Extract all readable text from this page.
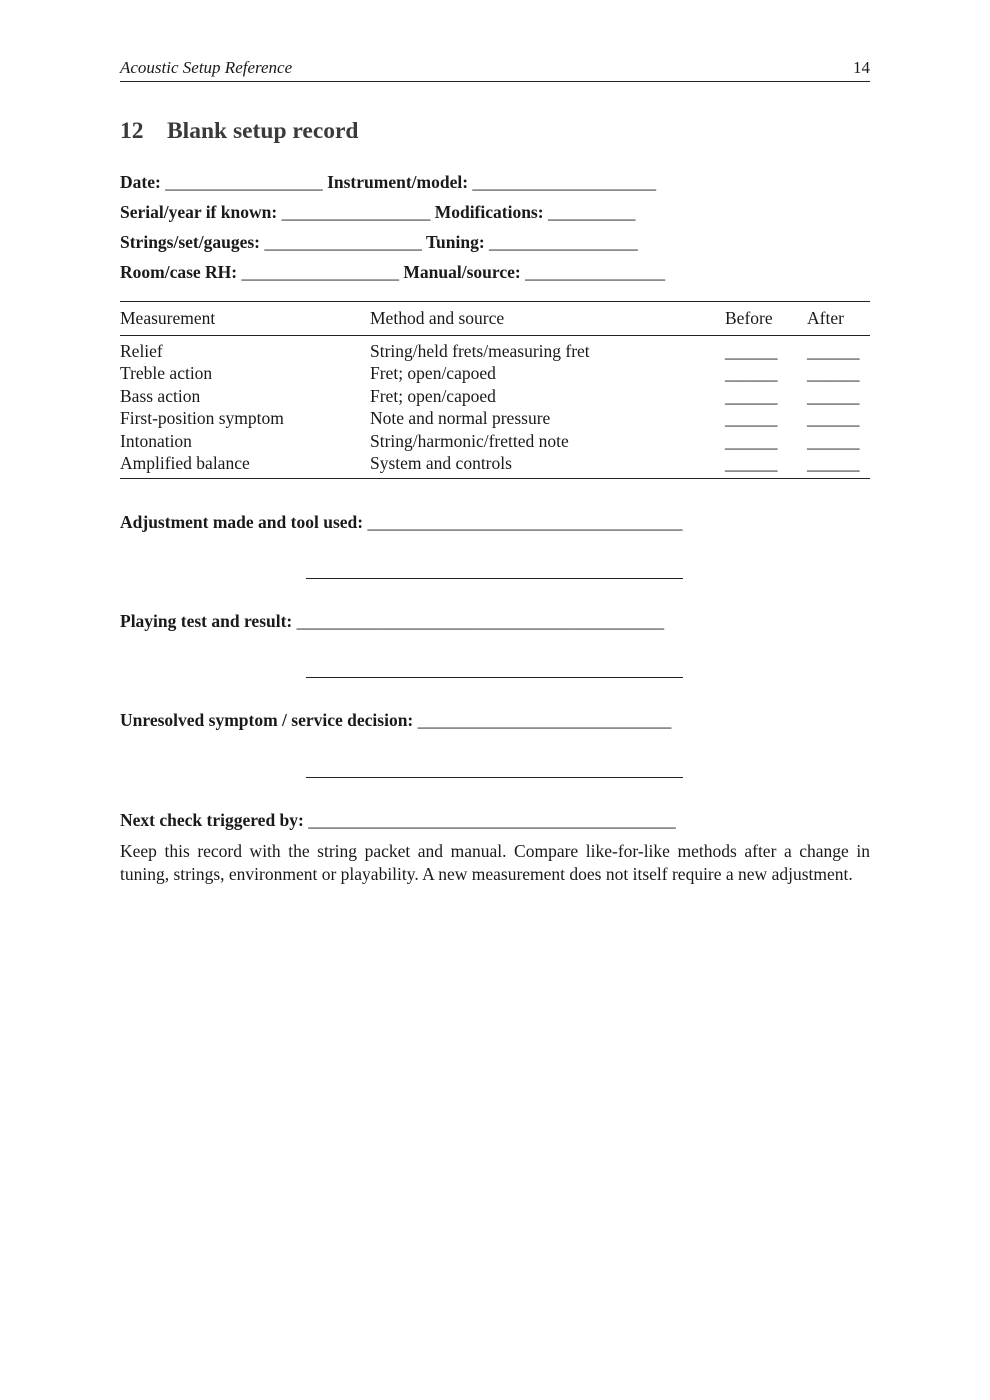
Acoustic Setup Reference	14
12 Blank setup record
Date: __________________ Instrument/model: _____________________
Serial/year if known: _________________ Modifications: __________
Strings/set/gauges: __________________ Tuning: _________________
Room/case RH: __________________ Manual/source: ________________
Measurement	Method and source	Before	After
Relief	String/held frets/measuring fret	______	______
Treble action	Fret; open/capoed	______	______
Bass action	Fret; open/capoed	______	______
First-position symptom	Note and normal pressure	______	______
Intonation	String/harmonic/fretted note	______	______
Amplified balance	System and controls	______	______
Adjustment made and tool used: ____________________________________
Playing test and result: __________________________________________
Unresolved symptom / service decision: _____________________________
Next check triggered by: __________________________________________

Keep this record with the string packet and manual. Compare like-for-like methods after a change in tuning, strings, environment or playability. A new measurement does not itself require a new adjustment.
